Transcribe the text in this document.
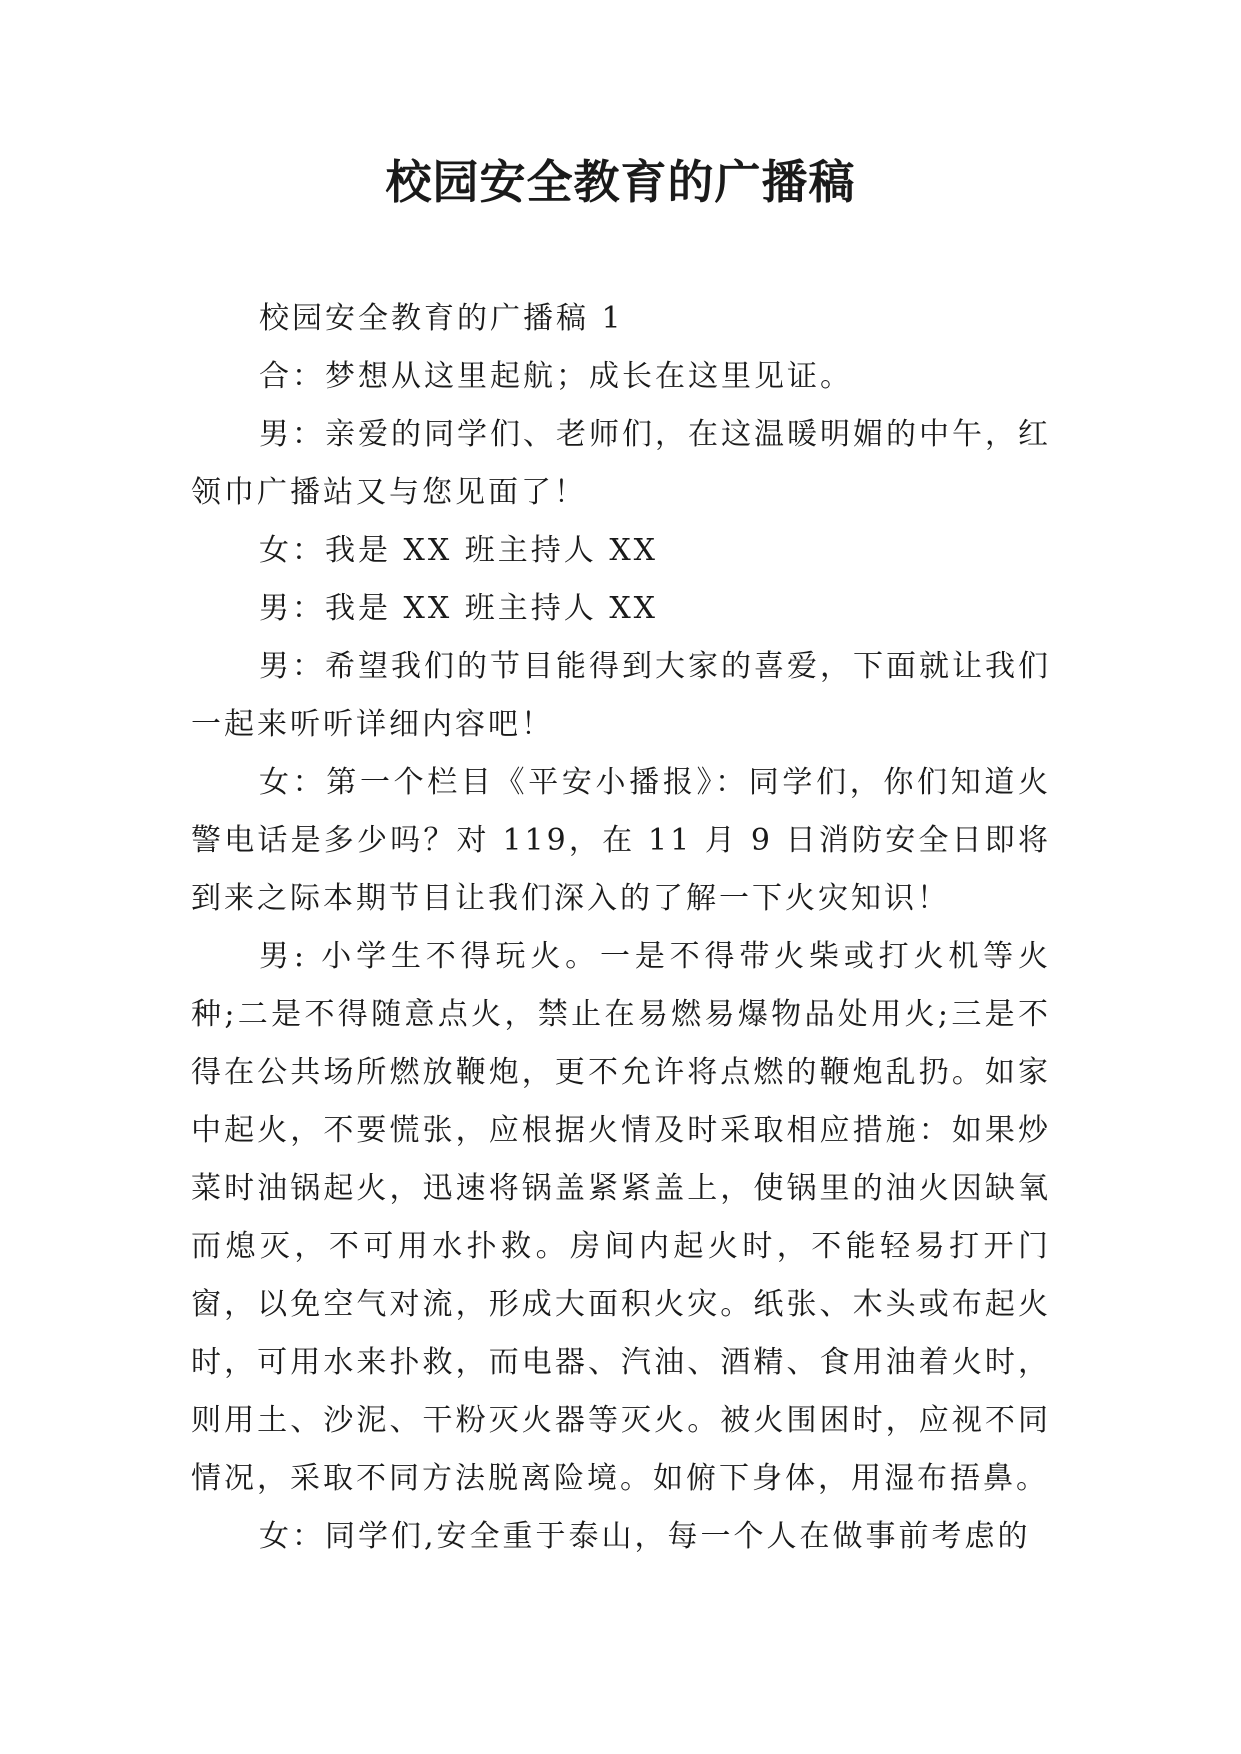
校园安全教育的广播稿

校园安全教育的广播稿 1

合：梦想从这里起航；成长在这里见证。

男：亲爱的同学们、老师们，在这温暖明媚的中午，红领巾广播站又与您见面了！

女：我是 XX 班主持人 XX

男：我是 XX 班主持人 XX

男：希望我们的节目能得到大家的喜爱，下面就让我们一起来听听详细内容吧！

女：第一个栏目《平安小播报》：同学们，你们知道火警电话是多少吗？对 119，在 11 月 9 日消防安全日即将到来之际本期节目让我们深入的了解一下火灾知识！

男: 小学生不得玩火。一是不得带火柴或打火机等火种;二是不得随意点火，禁止在易燃易爆物品处用火;三是不得在公共场所燃放鞭炮，更不允许将点燃的鞭炮乱扔。如家中起火，不要慌张，应根据火情及时采取相应措施：如果炒菜时油锅起火，迅速将锅盖紧紧盖上，使锅里的油火因缺氧而熄灭，不可用水扑救。房间内起火时，不能轻易打开门窗，以免空气对流，形成大面积火灾。纸张、木头或布起火时，可用水来扑救，而电器、汽油、酒精、食用油着火时，则用土、沙泥、干粉灭火器等灭火。被火围困时，应视不同情况，采取不同方法脱离险境。如俯下身体，用湿布捂鼻。

女：同学们,安全重于泰山，每一个人在做事前考虑的
